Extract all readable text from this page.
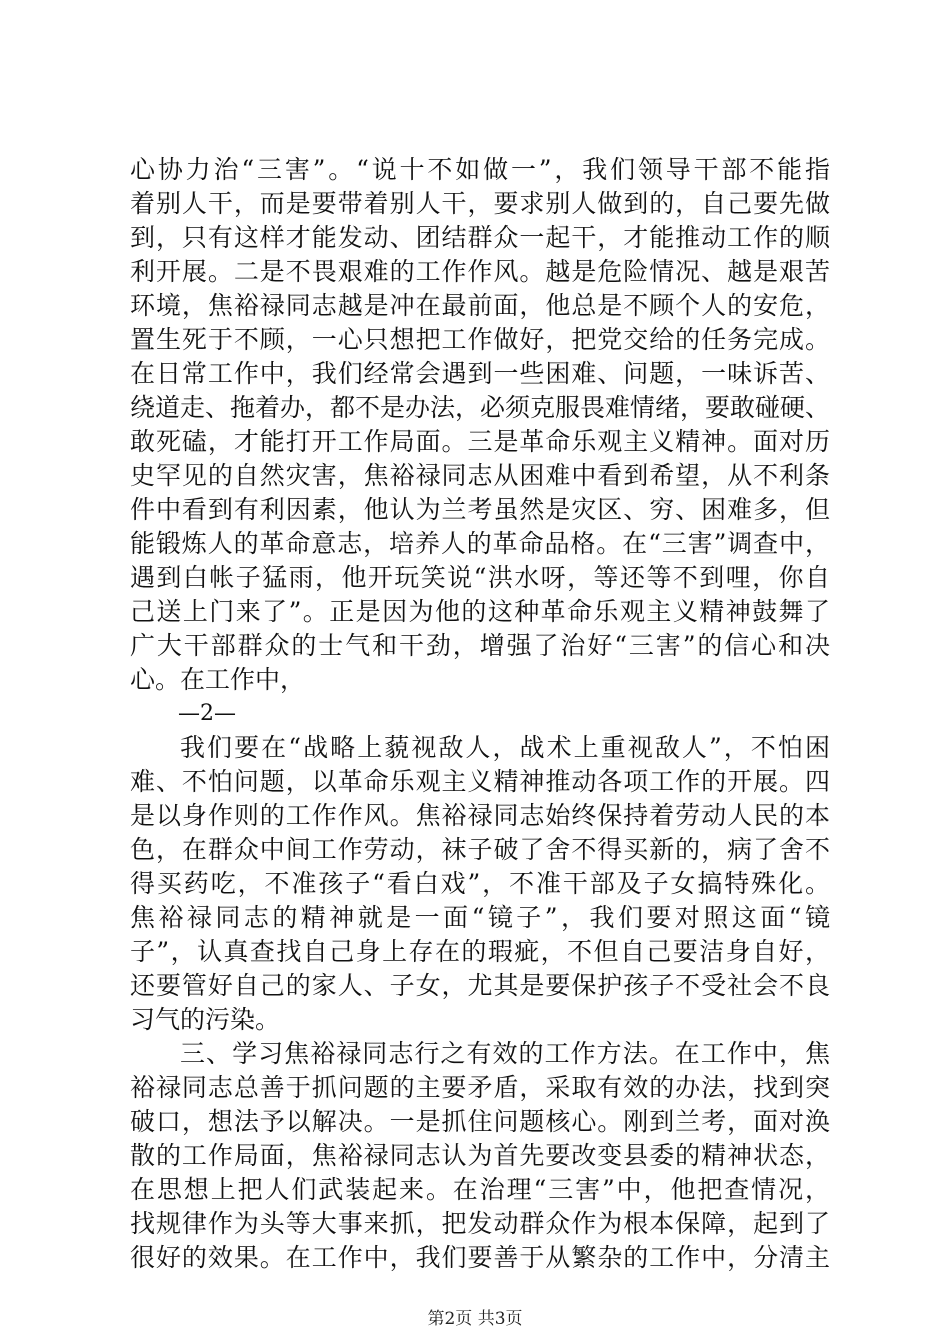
心协力治“三害”。“说十不如做一”，我们领导干部不能指
着别人干，而是要带着别人干，要求别人做到的，自己要先做
到，只有这样才能发动、团结群众一起干，才能推动工作的顺
利开展。二是不畏艰难的工作作风。越是危险情况、越是艰苦
环境，焦裕禄同志越是冲在最前面，他总是不顾个人的安危，
置生死于不顾，一心只想把工作做好，把党交给的任务完成。
在日常工作中，我们经常会遇到一些困难、问题，一味诉苦、
绕道走、拖着办，都不是办法，必须克服畏难情绪，要敢碰硬、
敢死磕，才能打开工作局面。三是革命乐观主义精神。面对历
史罕见的自然灾害，焦裕禄同志从困难中看到希望，从不利条
件中看到有利因素，他认为兰考虽然是灾区、穷、困难多，但
能锻炼人的革命意志，培养人的革命品格。在“三害”调查中，
遇到白帐子猛雨，他开玩笑说“洪水呀，等还等不到哩，你自
己送上门来了”。正是因为他的这种革命乐观主义精神鼓舞了
广大干部群众的士气和干劲，增强了治好“三害”的信心和决
心。在工作中，
—2—
我们要在“战略上藐视敌人，战术上重视敌人”，不怕困
难、不怕问题，以革命乐观主义精神推动各项工作的开展。四
是以身作则的工作作风。焦裕禄同志始终保持着劳动人民的本
色，在群众中间工作劳动，袜子破了舍不得买新的，病了舍不
得买药吃，不准孩子“看白戏”，不准干部及子女搞特殊化。
焦裕禄同志的精神就是一面“镜子”，我们要对照这面“镜
子”，认真查找自己身上存在的瑕疵，不但自己要洁身自好，
还要管好自己的家人、子女，尤其是要保护孩子不受社会不良
习气的污染。
三、学习焦裕禄同志行之有效的工作方法。在工作中，焦
裕禄同志总善于抓问题的主要矛盾，采取有效的办法，找到突
破口，想法予以解决。一是抓住问题核心。刚到兰考，面对涣
散的工作局面，焦裕禄同志认为首先要改变县委的精神状态，
在思想上把人们武装起来。在治理“三害”中，他把查情况，
找规律作为头等大事来抓，把发动群众作为根本保障，起到了
很好的效果。在工作中，我们要善于从繁杂的工作中，分清主
第2页 共3页
